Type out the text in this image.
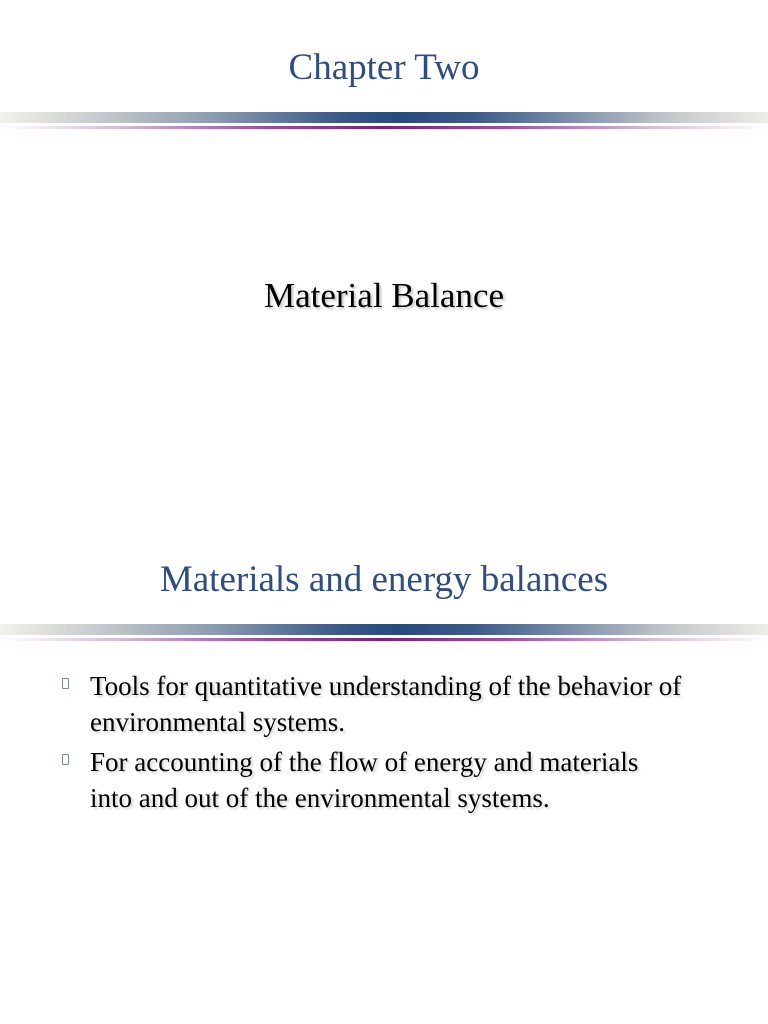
Chapter Two
Material Balance
Materials and energy balances
Tools for quantitative understanding of the behavior of environmental systems.
For accounting of the flow of energy and materials into and out of the environmental systems.
